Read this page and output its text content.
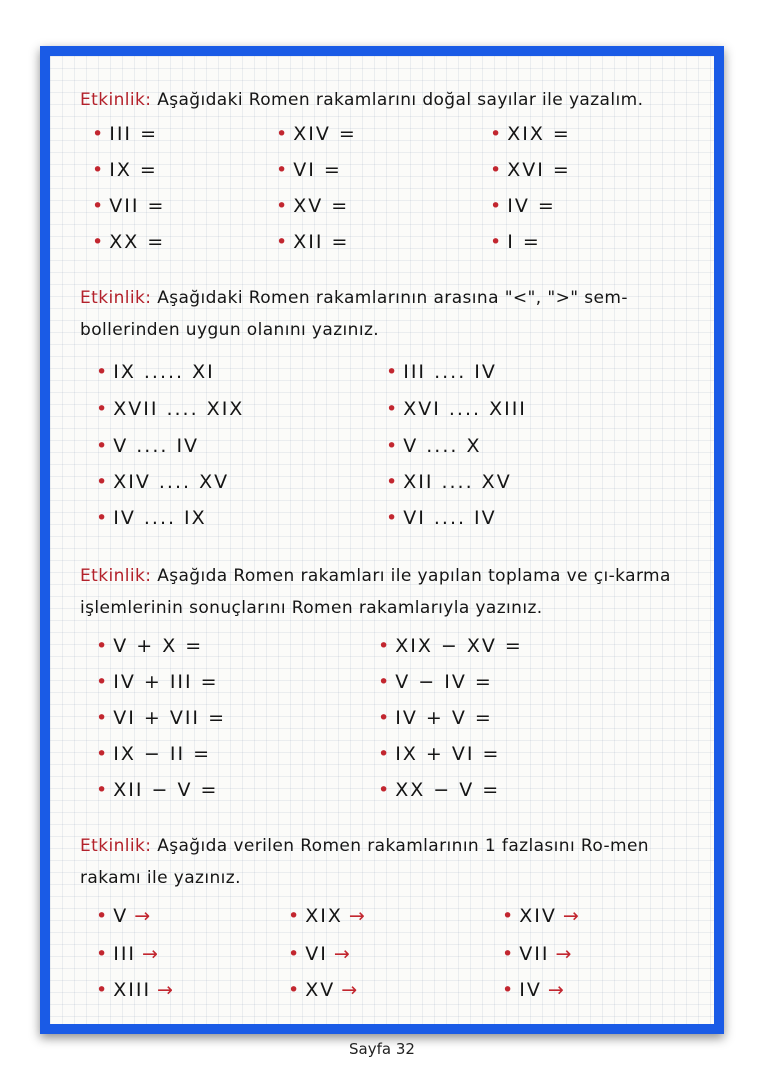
Etkinlik: Aşağıdaki Romen rakamlarını doğal sayılar ile yazalım.
• III =	• XIV =	• XIX =
• IX =	• VI =	• XVI =
• VII =	• XV =	• IV =
• XX =	• XII =	• I =
Etkinlik: Aşağıdaki Romen rakamlarının arasına "<", ">" sem-bollerinden uygun olanını yazınız.
• IX ..... XI	• III .... IV
• XVII .... XIX	• XVI .... XIII
• V .... IV	• V .... X
• XIV .... XV	• XII .... XV
• IV .... IX	• VI .... IV
Etkinlik: Aşağıda Romen rakamları ile yapılan toplama ve çı-karma işlemlerinin sonuçlarını Romen rakamlarıyla yazınız.
• V + X =	• XIX − XV =
• IV + III =	• V − IV =
• VI + VII =	• IV + V =
• IX − II =	• IX + VI =
• XII − V =	• XX − V =
Etkinlik: Aşağıda verilen Romen rakamlarının 1 fazlasını Ro-men rakamı ile yazınız.
• V →	• XIX →	• XIV →
• III →	• VI →	• VII →
• XIII →	• XV →	• IV →
Sayfa 32
